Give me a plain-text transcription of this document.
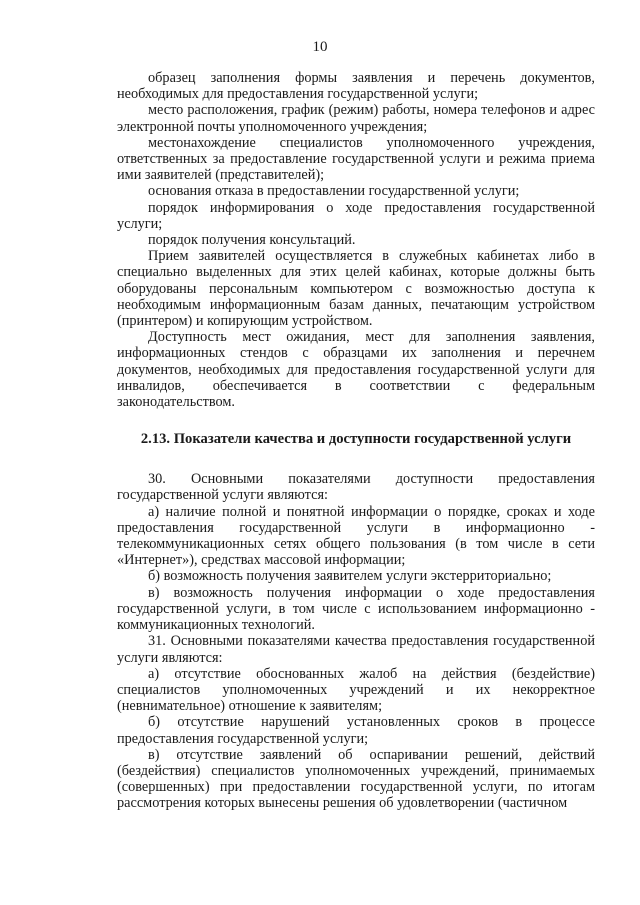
10

образец заполнения формы заявления и перечень документов, необходимых для предоставления государственной услуги;

место расположения, график (режим) работы, номера телефонов и адрес электронной почты уполномоченного учреждения;

местонахождение специалистов уполномоченного учреждения, ответственных за предоставление государственной услуги и режима приема ими заявителей (представителей);

основания отказа в предоставлении государственной услуги;

порядок информирования о ходе предоставления государственной услуги;

порядок получения консультаций.

Прием заявителей осуществляется в служебных кабинетах либо в специально выделенных для этих целей кабинах, которые должны быть оборудованы персональным компьютером с возможностью доступа к необходимым информационным базам данных, печатающим устройством (принтером) и копирующим устройством.

Доступность мест ожидания, мест для заполнения заявления, информационных стендов с образцами их заполнения и перечнем документов, необходимых для предоставления государственной услуги для инвалидов, обеспечивается в соответствии с федеральным законодательством.

2.13. Показатели качества и доступности государственной услуги

30. Основными показателями доступности предоставления государственной услуги являются:

а) наличие полной и понятной информации о порядке, сроках и ходе предоставления государственной услуги в информационно - телекоммуникационных сетях общего пользования (в том числе в сети «Интернет»), средствах массовой информации;

б) возможность получения заявителем услуги экстерриториально;

в) возможность получения информации о ходе предоставления государственной услуги, в том числе с использованием информационно - коммуникационных технологий.

31. Основными показателями качества предоставления государственной услуги являются:

а) отсутствие обоснованных жалоб на действия (бездействие) специалистов уполномоченных учреждений и их некорректное (невнимательное) отношение к заявителям;

б) отсутствие нарушений установленных сроков в процессе предоставления государственной услуги;

в) отсутствие заявлений об оспаривании решений, действий (бездействия) специалистов уполномоченных учреждений, принимаемых (совершенных) при предоставлении государственной услуги, по итогам рассмотрения которых вынесены решения об удовлетворении (частичном
